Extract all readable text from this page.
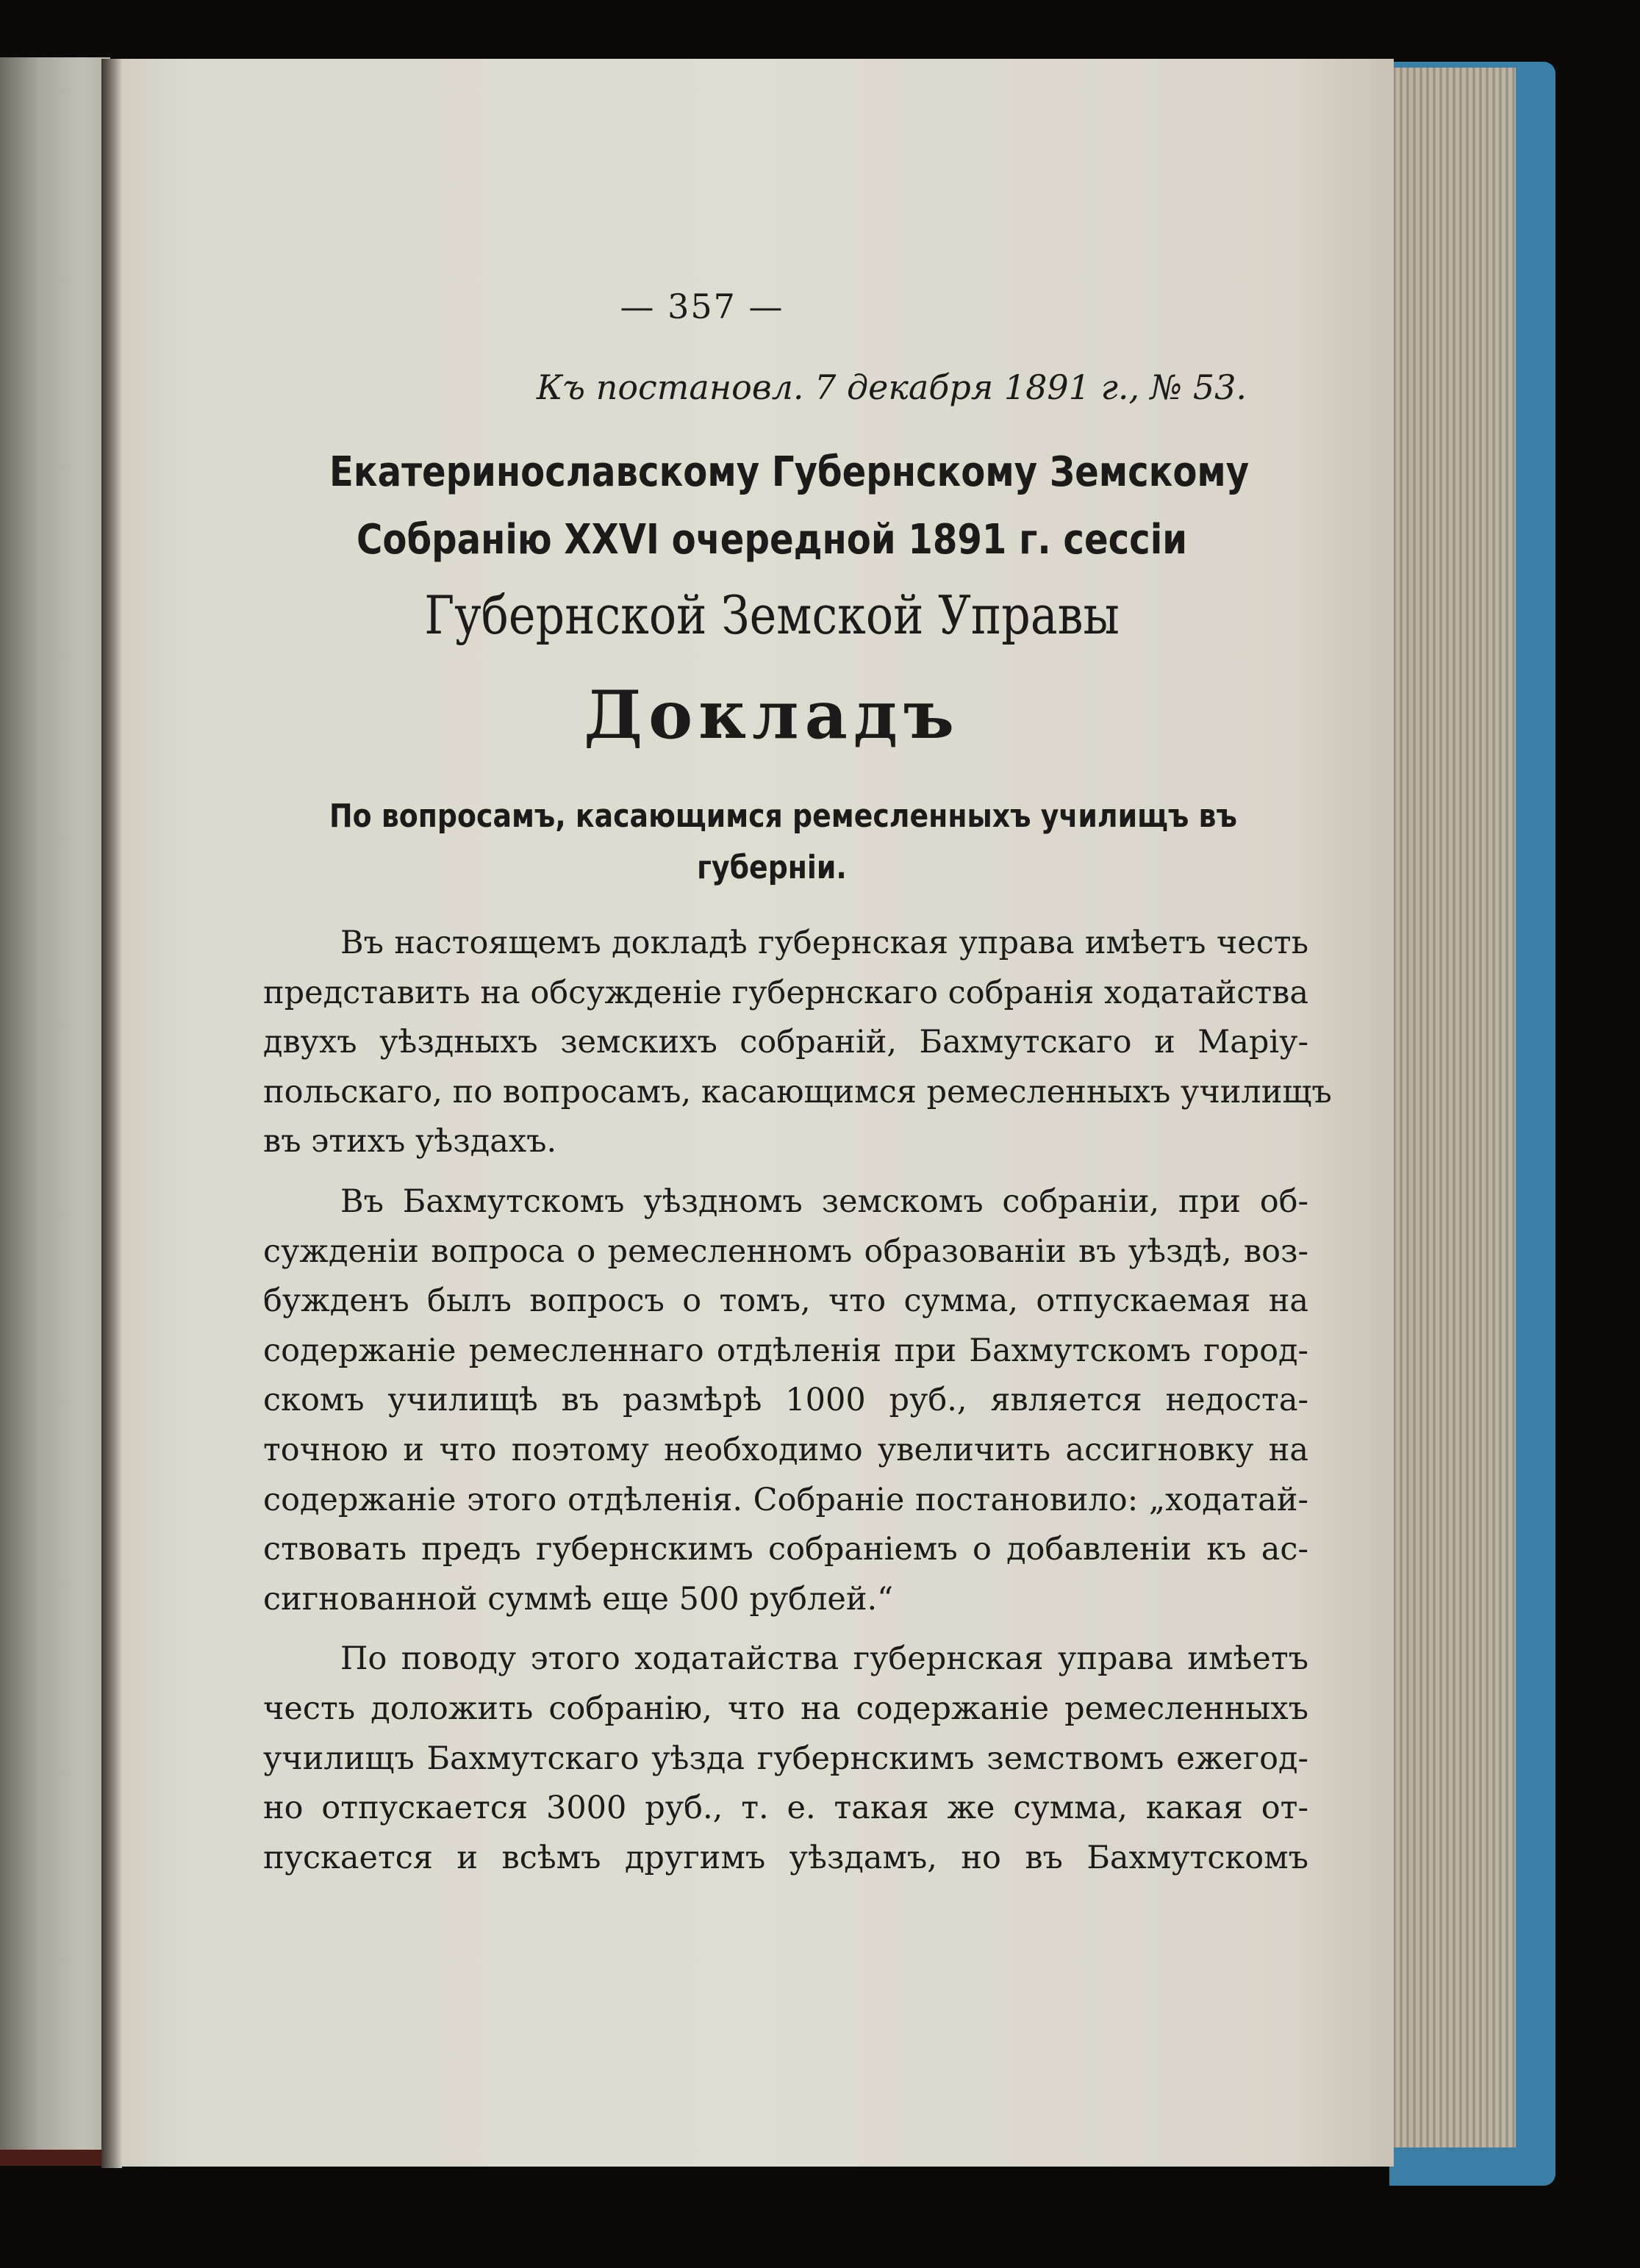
— 357 —
Къ постановл. 7 декабря 1891 г., № 53.
Екатеринославскому Губернскому Земскому
Собранію XXVI очередной 1891 г. сессіи
Губернской Земской Управы
Докладъ
По вопросамъ, касающимся ремесленныхъ училищъ въ
губерніи.
Въ настоящемъ докладѣ губернская управа имѣетъ честь
представить на обсужденіе губернскаго собранія ходатайства
двухъ уѣздныхъ земскихъ собраній, Бахмутскаго и Маріу-
польскаго, по вопросамъ, касающимся ремесленныхъ училищъ
въ этихъ уѣздахъ.
Въ Бахмутскомъ уѣздномъ земскомъ собраніи, при об-
сужденіи вопроса о ремесленномъ образованіи въ уѣздѣ, воз-
бужденъ былъ вопросъ о томъ, что сумма, отпускаемая на
содержаніе ремесленнаго отдѣленія при Бахмутскомъ город-
скомъ училищѣ въ размѣрѣ 1000 руб., является недоста-
точною и что поэтому необходимо увеличить ассигновку на
содержаніе этого отдѣленія. Собраніе постановило: „ходатай-
ствовать предъ губернскимъ собраніемъ о добавленіи къ ас-
сигнованной суммѣ еще 500 рублей.“
По поводу этого ходатайства губернская управа имѣетъ
честь доложить собранію, что на содержаніе ремесленныхъ
училищъ Бахмутскаго уѣзда губернскимъ земствомъ ежегод-
но отпускается 3000 руб., т. е. такая же сумма, какая от-
пускается и всѣмъ другимъ уѣздамъ, но въ Бахмутскомъ
